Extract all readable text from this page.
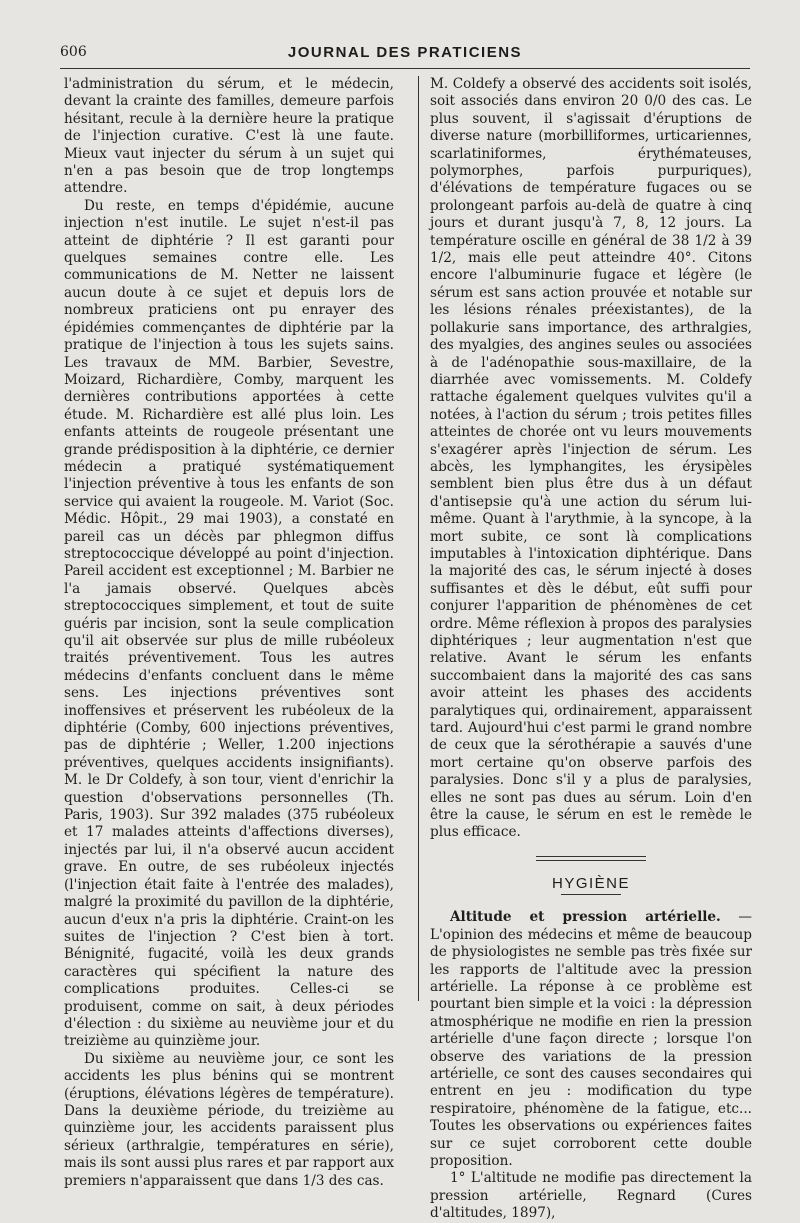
606	JOURNAL DES PRATICIENS

l'administration du sérum, et le médecin, devant la crainte des familles, demeure parfois hésitant, recule à la dernière heure la pratique de l'injection curative. C'est là une faute. Mieux vaut injecter du sérum à un sujet qui n'en a pas besoin que de trop longtemps attendre.

Du reste, en temps d'épidémie, aucune injection n'est inutile. Le sujet n'est-il pas atteint de diphtérie ? Il est garanti pour quelques semaines contre elle. Les communications de M. Netter ne laissent aucun doute à ce sujet et depuis lors de nombreux praticiens ont pu enrayer des épidémies commençantes de diphtérie par la pratique de l'injection à tous les sujets sains. Les travaux de MM. Barbier, Sevestre, Moizard, Richardière, Comby, marquent les dernières contributions apportées à cette étude. M. Richardière est allé plus loin. Les enfants atteints de rougeole présentant une grande prédisposition à la diphtérie, ce dernier médecin a pratiqué systématiquement l'injection préventive à tous les enfants de son service qui avaient la rougeole. M. Variot (Soc. Médic. Hôpit., 29 mai 1903), a constaté en pareil cas un décès par phlegmon diffus streptococcique développé au point d'injection. Pareil accident est exceptionnel ; M. Barbier ne l'a jamais observé. Quelques abcès streptococciques simplement, et tout de suite guéris par incision, sont la seule complication qu'il ait observée sur plus de mille rubéoleux traités préventivement. Tous les autres médecins d'enfants concluent dans le même sens. Les injections préventives sont inoffensives et préservent les rubéoleux de la diphtérie (Comby, 600 injections préventives, pas de diphtérie ; Weller, 1.200 injections préventives, quelques accidents insignifiants). M. le Dr Coldefy, à son tour, vient d'enrichir la question d'observations personnelles (Th. Paris, 1903). Sur 392 malades (375 rubéoleux et 17 malades atteints d'affections diverses), injectés par lui, il n'a observé aucun accident grave. En outre, de ses rubéoleux injectés (l'injection était faite à l'entrée des malades), malgré la proximité du pavillon de la diphtérie, aucun d'eux n'a pris la diphtérie. Craint-on les suites de l'injection ? C'est bien à tort. Bénignité, fugacité, voilà les deux grands caractères qui spécifient la nature des complications produites. Celles-ci se produisent, comme on sait, à deux périodes d'élection : du sixième au neuvième jour et du treizième au quinzième jour.

Du sixième au neuvième jour, ce sont les accidents les plus bénins qui se montrent (éruptions, élévations légères de température). Dans la deuxième période, du treizième au quinzième jour, les accidents paraissent plus sérieux (arthralgie, températures en série), mais ils sont aussi plus rares et par rapport aux premiers n'apparaissent que dans 1/3 des cas.

M. Coldefy a observé des accidents soit isolés, soit associés dans environ 20 0/0 des cas. Le plus souvent, il s'agissait d'éruptions de diverse nature (morbilliformes, urticariennes, scarlatiniformes, érythémateuses, polymorphes, parfois purpuriques), d'élévations de température fugaces ou se prolongeant parfois au-delà de quatre à cinq jours et durant jusqu'à 7, 8, 12 jours. La température oscille en général de 38 1/2 à 39 1/2, mais elle peut atteindre 40°. Citons encore l'albuminurie fugace et légère (le sérum est sans action prouvée et notable sur les lésions rénales préexistantes), de la pollakurie sans importance, des arthralgies, des myalgies, des angines seules ou associées à de l'adénopathie sous-maxillaire, de la diarrhée avec vomissements. M. Coldefy rattache également quelques vulvites qu'il a notées, à l'action du sérum ; trois petites filles atteintes de chorée ont vu leurs mouvements s'exagérer après l'injection de sérum. Les abcès, les lymphangites, les érysipèles semblent bien plus être dus à un défaut d'antisepsie qu'à une action du sérum lui-même. Quant à l'arythmie, à la syncope, à la mort subite, ce sont là complications imputables à l'intoxication diphtérique. Dans la majorité des cas, le sérum injecté à doses suffisantes et dès le début, eût suffi pour conjurer l'apparition de phénomènes de cet ordre. Même réflexion à propos des paralysies diphtériques ; leur augmentation n'est que relative. Avant le sérum les enfants succombaient dans la majorité des cas sans avoir atteint les phases des accidents paralytiques qui, ordinairement, apparaissent tard. Aujourd'hui c'est parmi le grand nombre de ceux que la sérothérapie a sauvés d'une mort certaine qu'on observe parfois des paralysies. Donc s'il y a plus de paralysies, elles ne sont pas dues au sérum. Loin d'en être la cause, le sérum en est le remède le plus efficace.

HYGIÈNE

Altitude et pression artérielle. — L'opinion des médecins et même de beaucoup de physiologistes ne semble pas très fixée sur les rapports de l'altitude avec la pression artérielle. La réponse à ce problème est pourtant bien simple et la voici : la dépression atmosphérique ne modifie en rien la pression artérielle d'une façon directe ; lorsque l'on observe des variations de la pression artérielle, ce sont des causes secondaires qui entrent en jeu : modification du type respiratoire, phénomène de la fatigue, etc... Toutes les observations ou expériences faites sur ce sujet corroborent cette double proposition.

1° L'altitude ne modifie pas directement la pression artérielle, Regnard (Cures d'altitudes, 1897),
